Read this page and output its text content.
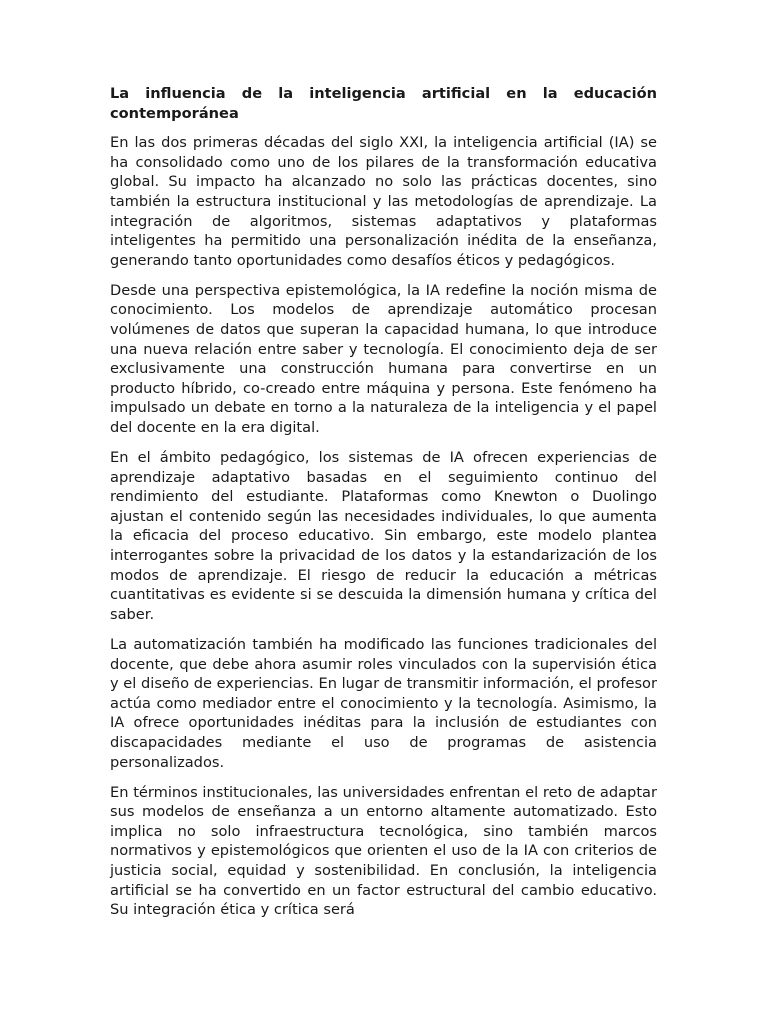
La influencia de la inteligencia artificial en la educación contemporánea

En las dos primeras décadas del siglo XXI, la inteligencia artificial (IA) se ha consolidado como uno de los pilares de la transformación educativa global. Su impacto ha alcanzado no solo las prácticas docentes, sino también la estructura institucional y las metodologías de aprendizaje. La integración de algoritmos, sistemas adaptativos y plataformas inteligentes ha permitido una personalización inédita de la enseñanza, generando tanto oportunidades como desafíos éticos y pedagógicos.

Desde una perspectiva epistemológica, la IA redefine la noción misma de conocimiento. Los modelos de aprendizaje automático procesan volúmenes de datos que superan la capacidad humana, lo que introduce una nueva relación entre saber y tecnología. El conocimiento deja de ser exclusivamente una construcción humana para convertirse en un producto híbrido, co-creado entre máquina y persona. Este fenómeno ha impulsado un debate en torno a la naturaleza de la inteligencia y el papel del docente en la era digital.

En el ámbito pedagógico, los sistemas de IA ofrecen experiencias de aprendizaje adaptativo basadas en el seguimiento continuo del rendimiento del estudiante. Plataformas como Knewton o Duolingo ajustan el contenido según las necesidades individuales, lo que aumenta la eficacia del proceso educativo. Sin embargo, este modelo plantea interrogantes sobre la privacidad de los datos y la estandarización de los modos de aprendizaje. El riesgo de reducir la educación a métricas cuantitativas es evidente si se descuida la dimensión humana y crítica del saber.

La automatización también ha modificado las funciones tradicionales del docente, que debe ahora asumir roles vinculados con la supervisión ética y el diseño de experiencias. En lugar de transmitir información, el profesor actúa como mediador entre el conocimiento y la tecnología. Asimismo, la IA ofrece oportunidades inéditas para la inclusión de estudiantes con discapacidades mediante el uso de programas de asistencia personalizados.

En términos institucionales, las universidades enfrentan el reto de adaptar sus modelos de enseñanza a un entorno altamente automatizado. Esto implica no solo infraestructura tecnológica, sino también marcos normativos y epistemológicos que orienten el uso de la IA con criterios de justicia social, equidad y sostenibilidad. En conclusión, la inteligencia artificial se ha convertido en un factor estructural del cambio educativo. Su integración ética y crítica será
